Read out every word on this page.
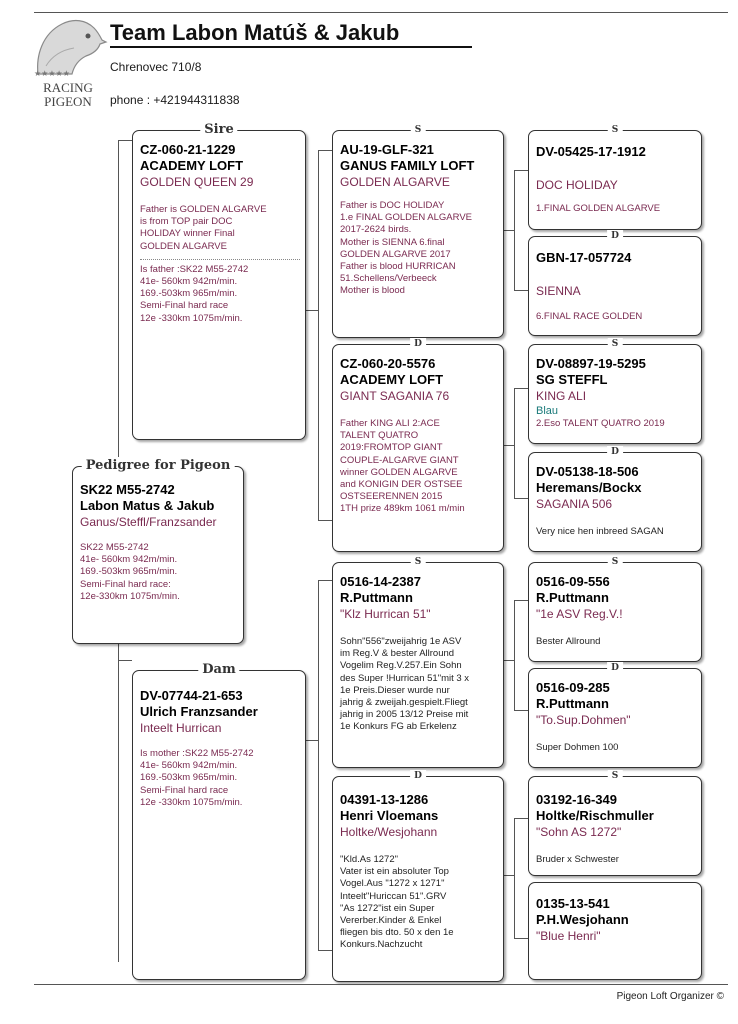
★★★★★
RACING
PIGEON
Team Labon Matúš & Jakub
Chrenovec 710/8
phone : +421944311838
Pedigree for Pigeon
SK22 M55-2742
Labon Matus & Jakub
Ganus/Steffl/Franzsander
SK22 M55-2742
41e- 560km 942m/min.
169.-503km 965m/min.
Semi-Final hard race:
12e-330km 1075m/min.
Sire
CZ-060-21-1229
ACADEMY LOFT
GOLDEN QUEEN 29
Father is GOLDEN ALGARVE
is from TOP pair DOC
HOLIDAY winner Final
GOLDEN ALGARVE
Is father :SK22 M55-2742
41e- 560km 942m/min.
169.-503km 965m/min.
Semi-Final hard race
12e -330km 1075m/min.
Dam
DV-07744-21-653
Ulrich Franzsander
Inteelt Hurrican
Is mother :SK22 M55-2742
41e- 560km 942m/min.
169.-503km 965m/min.
Semi-Final hard race
12e -330km 1075m/min.
S
AU-19-GLF-321
GANUS FAMILY LOFT
GOLDEN ALGARVE
Father is DOC HOLIDAY
1.e FINAL GOLDEN ALGARVE
2017-2624 birds.
Mother is SIENNA 6.final
GOLDEN ALGARVE 2017
Father is blood HURRICAN
51.Schellens/Verbeeck
Mother is blood
D
CZ-060-20-5576
ACADEMY LOFT
GIANT SAGANIA 76
Father KING ALI 2:ACE
TALENT QUATRO
2019:FROMTOP GIANT
COUPLE-ALGARVE GIANT
winner GOLDEN ALGARVE
and KONIGIN DER OSTSEE
OSTSEERENNEN 2015
1TH prize 489km 1061 m/min
S
0516-14-2387
R.Puttmann
"Klz Hurrican 51"
Sohn"556"zweijahrig 1e ASV
im Reg.V & bester Allround
Vogelim Reg.V.257.Ein Sohn
des Super !Hurrican 51"mit 3 x
1e Preis.Dieser wurde nur
jahrig & zweijah.gespielt.Fliegt
jahrig in 2005 13/12 Preise mit
1e Konkurs FG ab Erkelenz
D
04391-13-1286
Henri Vloemans
Holtke/Wesjohann
"Kld.As 1272"
Vater ist ein absoluter Top
Vogel.Aus "1272 x 1271"
Inteelt"Huriccan 51".GRV
"As 1272"ist ein Super
Vererber.Kinder & Enkel
fliegen bis dto. 50 x den 1e
Konkurs.Nachzucht
S
DV-05425-17-1912
DOC HOLIDAY
1.FINAL GOLDEN ALGARVE
D
GBN-17-057724
SIENNA
6.FINAL RACE GOLDEN
S
DV-08897-19-5295
SG STEFFL
KING ALI
Blau
2.Eso TALENT QUATRO 2019
D
DV-05138-18-506
Heremans/Bockx
SAGANIA 506
Very nice hen inbreed SAGAN
S
0516-09-556
R.Puttmann
"1e ASV Reg.V.!
Bester Allround
D
0516-09-285
R.Puttmann
"To.Sup.Dohmen"
Super Dohmen 100
S
03192-16-349
Holtke/Rischmuller
"Sohn AS 1272"
Bruder x Schwester
0135-13-541
P.H.Wesjohann
"Blue Henri"
Pigeon Loft Organizer ©
